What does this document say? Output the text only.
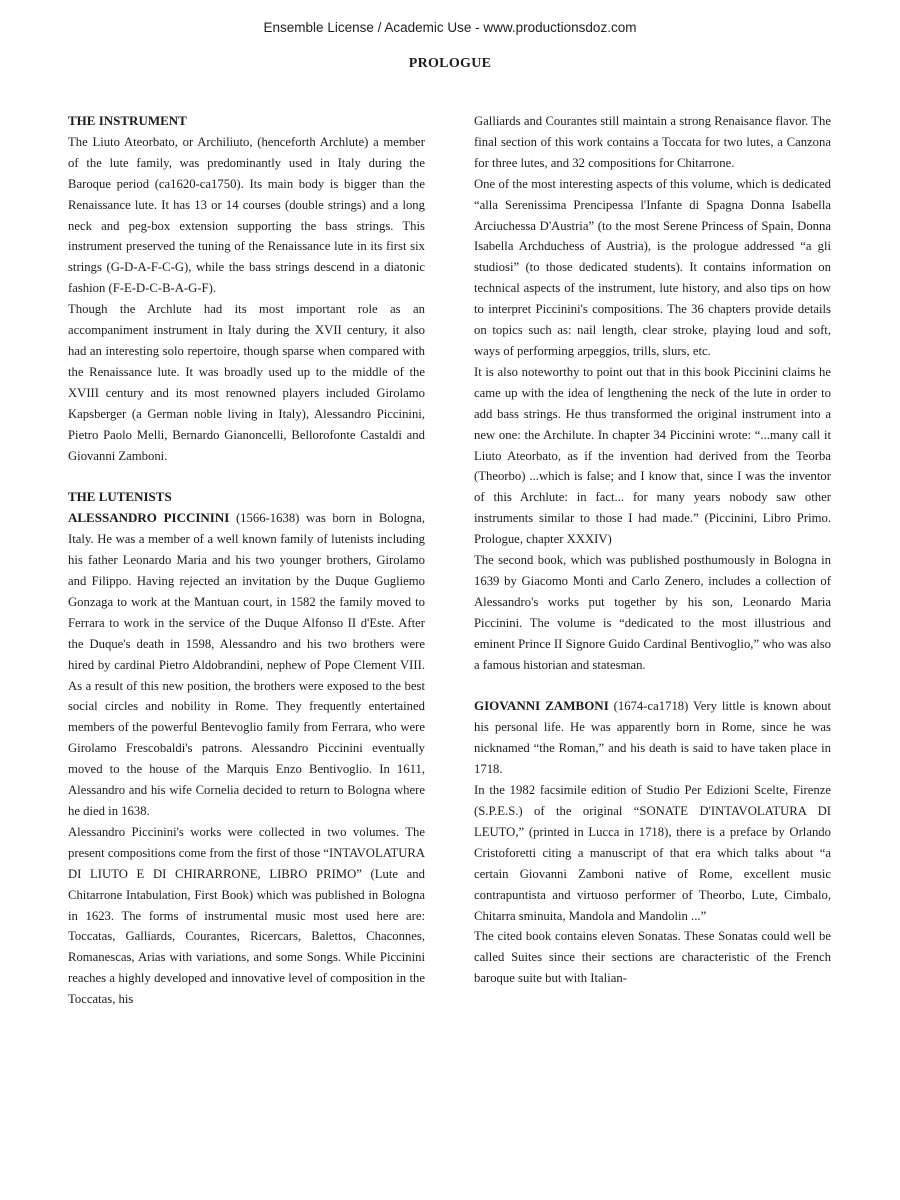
Ensemble License / Academic Use - www.productionsdoz.com
PROLOGUE
THE INSTRUMENT

The Liuto Ateorbato, or Archiliuto, (henceforth Archlute) a member of the lute family, was predominantly used in Italy during the Baroque period (ca1620-ca1750). Its main body is bigger than the Renaissance lute. It has 13 or 14 courses (double strings) and a long neck and peg-box extension supporting the bass strings. This instrument preserved the tuning of the Renaissance lute in its first six strings (G-D-A-F-C-G), while the bass strings descend in a diatonic fashion (F-E-D-C-B-A-G-F).

Though the Archlute had its most important role as an accompaniment instrument in Italy during the XVII century, it also had an interesting solo repertoire, though sparse when compared with the Renaissance lute. It was broadly used up to the middle of the XVIII century and its most renowned players included Girolamo Kapsberger (a German noble living in Italy), Alessandro Piccinini, Pietro Paolo Melli, Bernardo Gianoncelli, Bellorofonte Castaldi and Giovanni Zamboni.

THE LUTENISTS

ALESSANDRO PICCININI (1566-1638) was born in Bologna, Italy. He was a member of a well known family of lutenists including his father Leonardo Maria and his two younger brothers, Girolamo and Filippo. Having rejected an invitation by the Duque Gugliemo Gonzaga to work at the Mantuan court, in 1582 the family moved to Ferrara to work in the service of the Duque Alfonso II d'Este. After the Duque's death in 1598, Alessandro and his two brothers were hired by cardinal Pietro Aldobrandini, nephew of Pope Clement VIII. As a result of this new position, the brothers were exposed to the best social circles and nobility in Rome. They frequently entertained members of the powerful Bentevoglio family from Ferrara, who were Girolamo Frescobaldi's patrons. Alessandro Piccinini eventually moved to the house of the Marquis Enzo Bentivoglio. In 1611, Alessandro and his wife Cornelia decided to return to Bologna where he died in 1638.

Alessandro Piccinini's works were collected in two volumes. The present compositions come from the first of those “INTAVOLATURA DI LIUTO E DI CHIRARRONE, LIBRO PRIMO” (Lute and Chitarrone Intabulation, First Book) which was published in Bologna in 1623. The forms of instrumental music most used here are: Toccatas, Galliards, Courantes, Ricercars, Balettos, Chaconnes, Romanescas, Arias with variations, and some Songs. While Piccinini reaches a highly developed and innovative level of composition in the Toccatas, his

Galliards and Courantes still maintain a strong Renaisance flavor. The final section of this work contains a Toccata for two lutes, a Canzona for three lutes, and 32 compositions for Chitarrone.

One of the most interesting aspects of this volume, which is dedicated “alla Serenissima Prencipessa l'Infante di Spagna Donna Isabella Arciuchessa D'Austria” (to the most Serene Princess of Spain, Donna Isabella Archduchess of Austria), is the prologue addressed “a gli studiosi” (to those dedicated students). It contains information on technical aspects of the instrument, lute history, and also tips on how to interpret Piccinini's compositions. The 36 chapters provide details on topics such as: nail length, clear stroke, playing loud and soft, ways of performing arpeggios, trills, slurs, etc.

It is also noteworthy to point out that in this book Piccinini claims he came up with the idea of lengthening the neck of the lute in order to add bass strings. He thus transformed the original instrument into a new one: the Archilute. In chapter 34 Piccinini wrote: “...many call it Liuto Ateorbato, as if the invention had derived from the Teorba (Theorbo) ...which is false; and I know that, since I was the inventor of this Archlute: in fact... for many years nobody saw other instruments similar to those I had made.” (Piccinini, Libro Primo. Prologue, chapter XXXIV)

The second book, which was published posthumously in Bologna in 1639 by Giacomo Monti and Carlo Zenero, includes a collection of Alessandro's works put together by his son, Leonardo Maria Piccinini. The volume is “dedicated to the most illustrious and eminent Prince II Signore Guido Cardinal Bentivoglio,” who was also a famous historian and statesman.

GIOVANNI ZAMBONI (1674-ca1718) Very little is known about his personal life. He was apparently born in Rome, since he was nicknamed “the Roman,” and his death is said to have taken place in 1718.

In the 1982 facsimile edition of Studio Per Edizioni Scelte, Firenze (S.P.E.S.) of the original “SONATE D'INTAVOLATURA DI LEUTO,” (printed in Lucca in 1718), there is a preface by Orlando Cristoforetti citing a manuscript of that era which talks about “a certain Giovanni Zamboni native of Rome, excellent music contrapuntista and virtuoso performer of Theorbo, Lute, Cimbalo, Chitarra sminuita, Mandola and Mandolin ...”

The cited book contains eleven Sonatas. These Sonatas could well be called Suites since their sections are characteristic of the French baroque suite but with Italian-
